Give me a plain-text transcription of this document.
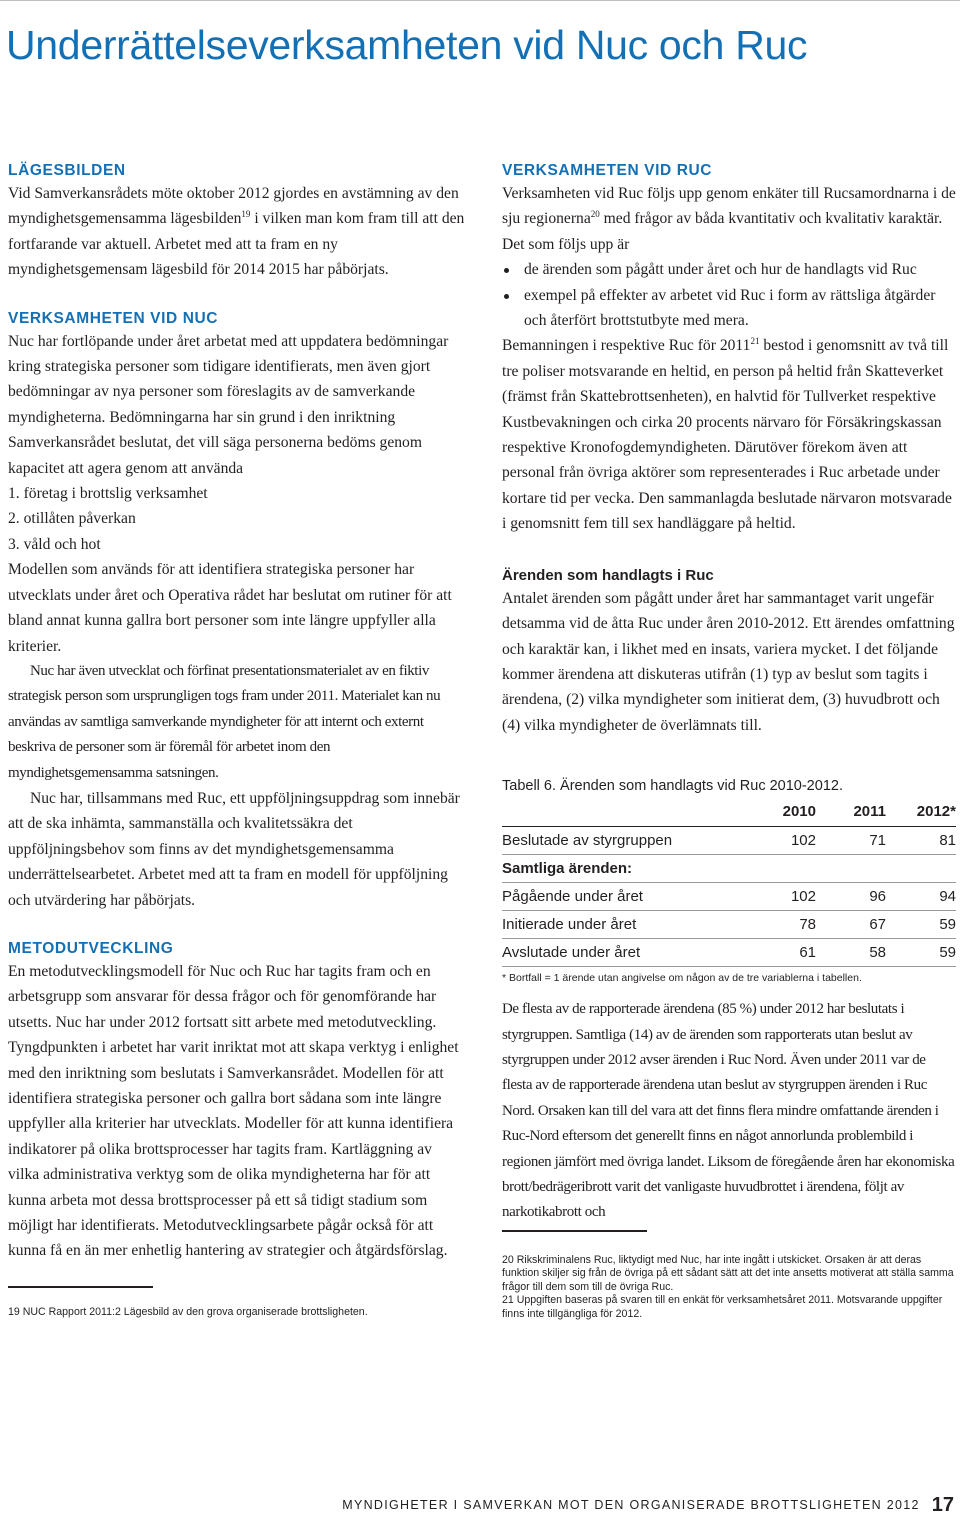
Underrättelseverksamheten vid Nuc och Ruc
LÄGESBILDEN

Vid Samverkansrådets möte oktober 2012 gjordes en avstämning av den myndighetsgemensamma lägesbilden$^{19}$ i vilken man kom fram till att den fortfarande var aktuell. Arbetet med att ta fram en ny myndighetsgemensam lägesbild för 2014 2015 har påbörjats.

VERKSAMHETEN VID NUC

Nuc har fortlöpande under året arbetat med att uppdatera bedömningar kring strategiska personer som tidigare identifierats, men även gjort bedömningar av nya personer som föreslagits av de samverkande myndigheterna. Bedömningarna har sin grund i den inriktning Samverkansrådet beslutat, det vill säga personerna bedöms genom kapacitet att agera genom att använda

1. företag i brottslig verksamhet
2. otillåten påverkan
3. våld och hot

Modellen som används för att identifiera strategiska personer har utvecklats under året och Operativa rådet har beslutat om rutiner för att bland annat kunna gallra bort personer som inte längre uppfyller alla kriterier.

Nuc har även utvecklat och förfinat presentationsmaterialet av en fiktiv strategisk person som ursprungligen togs fram under 2011. Materialet kan nu användas av samtliga samverkande myndigheter för att internt och externt beskriva de personer som är föremål för arbetet inom den myndighetsgemensamma satsningen.

Nuc har, tillsammans med Ruc, ett uppföljningsuppdrag som innebär att de ska inhämta, sammanställa och kvalitetssäkra det uppföljningsbehov som finns av det myndighetsgemensamma underrättelsearbetet. Arbetet med att ta fram en modell för uppföljning och utvärdering har påbörjats.

METODUTVECKLING

En metodutvecklingsmodell för Nuc och Ruc har tagits fram och en arbetsgrupp som ansvarar för dessa frågor och för genomförande har utsetts. Nuc har under 2012 fortsatt sitt arbete med metodutveckling. Tyngdpunkten i arbetet har varit inriktat mot att skapa verktyg i enlighet med den inriktning som beslutats i Samverkansrådet. Modellen för att identifiera strategiska personer och gallra bort sådana som inte längre uppfyller alla kriterier har utvecklats. Modeller för att kunna identifiera indikatorer på olika brottsprocesser har tagits fram. Kartläggning av vilka administrativa verktyg som de olika myndigheterna har för att kunna arbeta mot dessa brottsprocesser på ett så tidigt stadium som möjligt har identifierats. Metodutvecklingsarbete pågår också för att kunna få en än mer enhetlig hantering av strategier och åtgärdsförslag.

19 NUC Rapport 2011:2 Lägesbild av den grova organiserade brottsligheten.

VERKSAMHETEN VID RUC

Verksamheten vid Ruc följs upp genom enkäter till Rucsamordnarna i de sju regionerna$^{20}$ med frågor av båda kvantitativ och kvalitativ karaktär. Det som följs upp är

de ärenden som pågått under året och hur de handlagts vid Ruc
exempel på effekter av arbetet vid Ruc i form av rättsliga åtgärder och återfört brottstutbyte med mera.

Bemanningen i respektive Ruc för 2011$^{21}$ bestod i genomsnitt av två till tre poliser motsvarande en heltid, en person på heltid från Skatteverket (främst från Skattebrottsenheten), en halvtid för Tullverket respektive Kustbevakningen och cirka 20 procents närvaro för Försäkringskassan respektive Kronofogdemyndigheten. Därutöver förekom även att personal från övriga aktörer som representerades i Ruc arbetade under kortare tid per vecka. Den sammanlagda beslutade närvaron motsvarade i genomsnitt fem till sex handläggare på heltid.

Ärenden som handlagts i Ruc

Antalet ärenden som pågått under året har sammantaget varit ungefär detsamma vid de åtta Ruc under åren 2010-2012. Ett ärendes omfattning och karaktär kan, i likhet med en insats, variera mycket. I det följande kommer ärendena att diskuteras utifrån (1) typ av beslut som tagits i ärendena, (2) vilka myndigheter som initierat dem, (3) huvudbrott och (4) vilka myndigheter de överlämnats till.

Tabell 6. Ärenden som handlagts vid Ruc 2010-2012.

	2010	2011	2012*
Beslutade av styrgruppen	102	71	81
Samtliga ärenden:			
Pågående under året	102	96	94
Initierade under året	78	67	59
Avslutade under året	61	58	59

* Bortfall = 1 ärende utan angivelse om någon av de tre variablerna i tabellen.

De flesta av de rapporterade ärendena (85 %) under 2012 har beslutats i styrgruppen. Samtliga (14) av de ärenden som rapporterats utan beslut av styrgruppen under 2012 avser ärenden i Ruc Nord. Även under 2011 var de flesta av de rapporterade ärendena utan beslut av styrgruppen ärenden i Ruc Nord. Orsaken kan till del vara att det finns flera mindre omfattande ärenden i Ruc-Nord eftersom det generellt finns en något annorlunda problembild i regionen jämfört med övriga landet. Liksom de föregående åren har ekonomiska brott/bedrägeribrott varit det vanligaste huvudbrottet i ärendena, följt av narkotikabrott och

20 Rikskriminalens Ruc, liktydigt med Nuc, har inte ingått i utskicket. Orsaken är att deras funktion skiljer sig från de övriga på ett sådant sätt att det inte ansetts motiverat att ställa samma frågor till dem som till de övriga Ruc.

21 Uppgiften baseras på svaren till en enkät för verksamhetsåret 2011. Motsvarande uppgifter finns inte tillgängliga för 2012.

MYNDIGHETER I SAMVERKAN MOT DEN ORGANISERADE BROTTSLIGHETEN 2012 17
